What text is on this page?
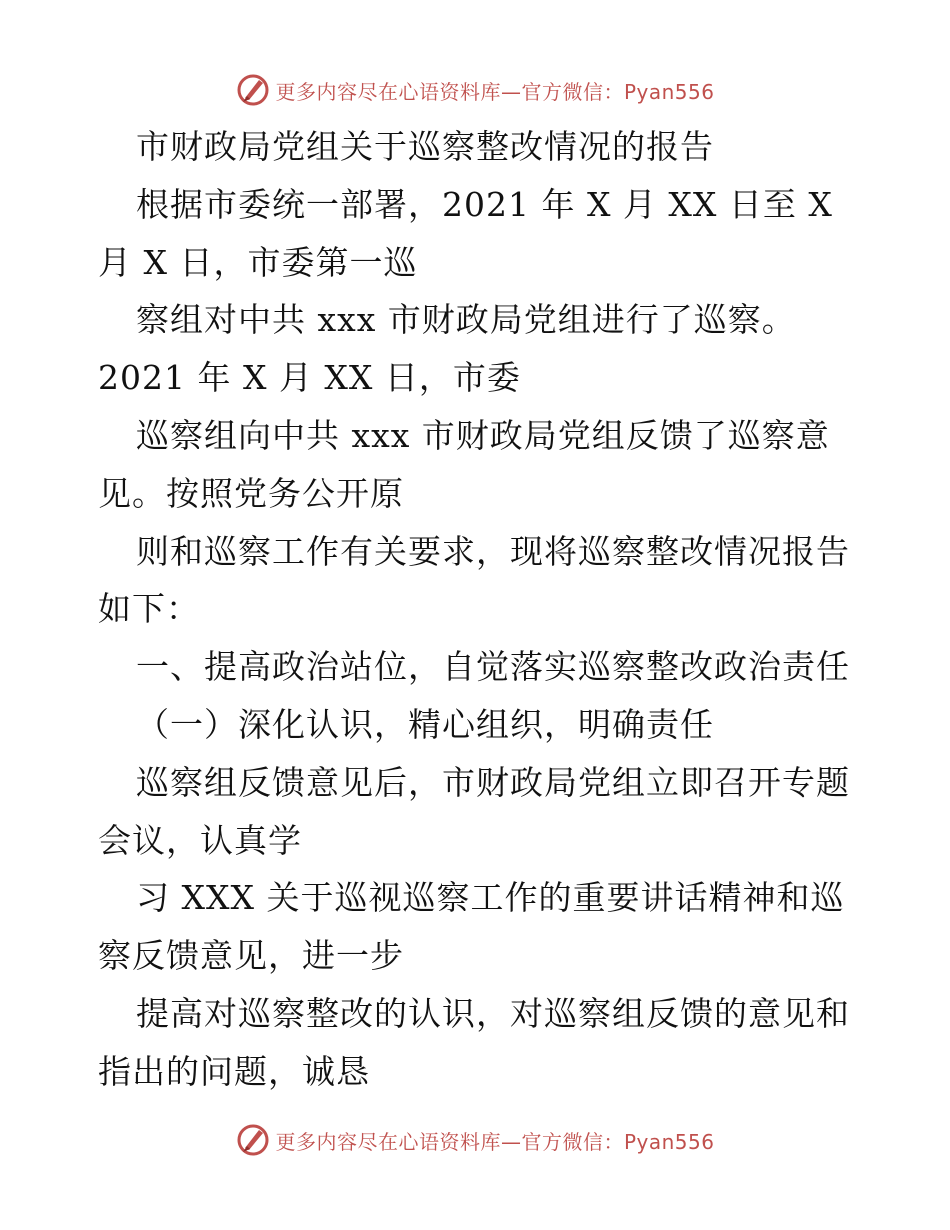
更多内容尽在心语资料库—官方微信：Pyan556
市财政局党组关于巡察整改情况的报告
根据市委统一部署，2021 年 X 月 XX 日至 X
月 X 日，市委第一巡
察组对中共 xxx 市财政局党组进行了巡察。
2021 年 X 月 XX 日，市委
巡察组向中共 xxx 市财政局党组反馈了巡察意
见。按照党务公开原
则和巡察工作有关要求，现将巡察整改情况报告
如下：
一、提高政治站位，自觉落实巡察整改政治责任
（一）深化认识，精心组织，明确责任
巡察组反馈意见后，市财政局党组立即召开专题
会议，认真学
习 XXX 关于巡视巡察工作的重要讲话精神和巡
察反馈意见，进一步
提高对巡察整改的认识，对巡察组反馈的意见和
指出的问题，诚恳
更多内容尽在心语资料库—官方微信：Pyan556
